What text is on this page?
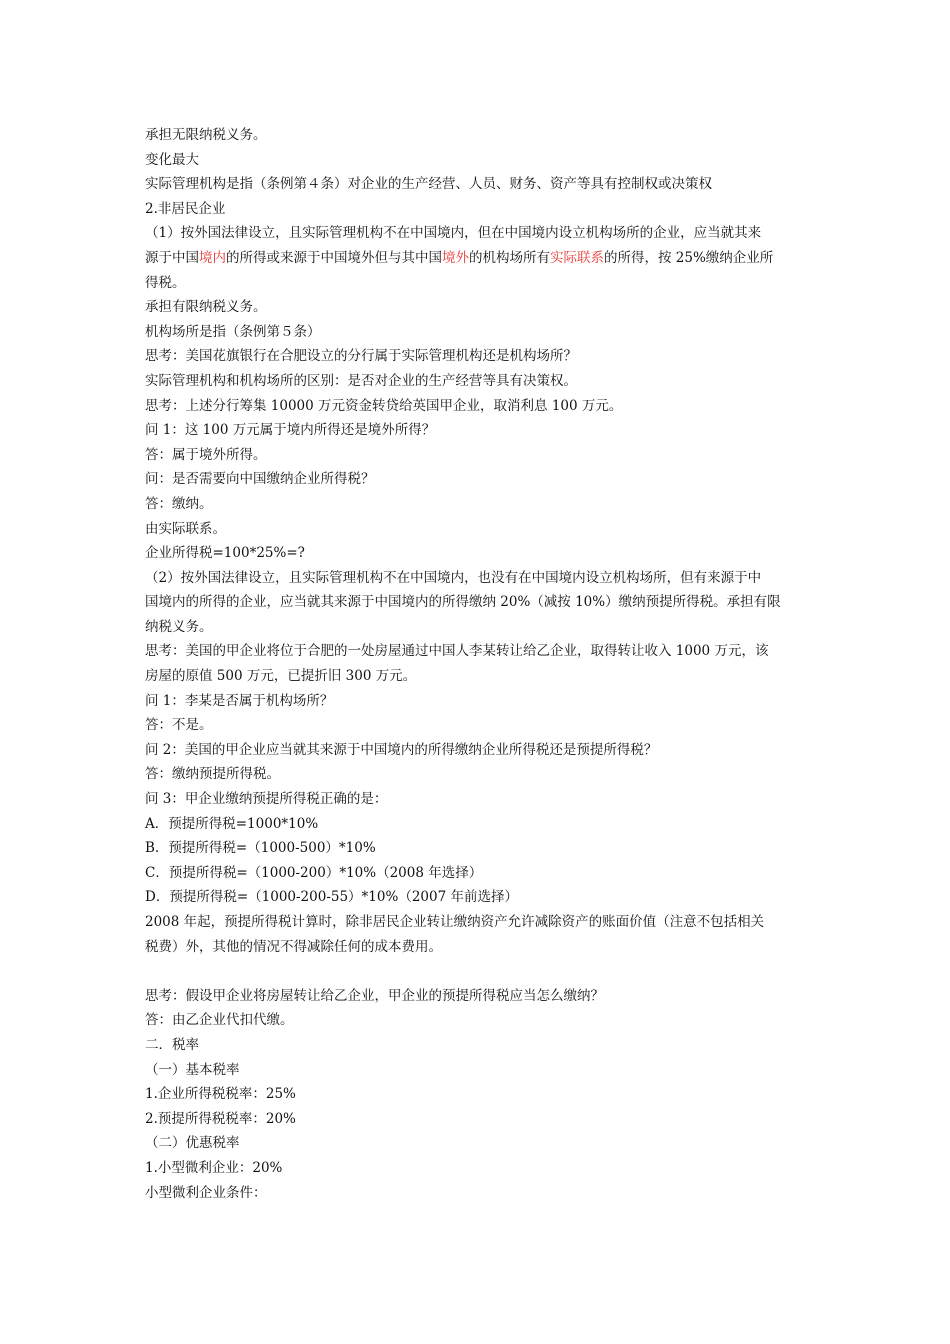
承担无限纳税义务。

变化最大

实际管理机构是指（条例第４条）对企业的生产经营、人员、财务、资产等具有控制权或决策权

2.非居民企业

（1）按外国法律设立，且实际管理机构不在中国境内，但在中国境内设立机构场所的企业，应当就其来

源于中国境内的所得或来源于中国境外但与其中国境外的机构场所有实际联系的所得，按 25%缴纳企业所

得税。

承担有限纳税义务。

机构场所是指（条例第５条）

思考：美国花旗银行在合肥设立的分行属于实际管理机构还是机构场所？

实际管理机构和机构场所的区别：是否对企业的生产经营等具有决策权。

思考：上述分行筹集 10000 万元资金转贷给英国甲企业，取消利息 100 万元。

问 1：这 100 万元属于境内所得还是境外所得？

答：属于境外所得。

问：是否需要向中国缴纳企业所得税？

答：缴纳。

由实际联系。

企业所得税=100*25%=?

（2）按外国法律设立，且实际管理机构不在中国境内，也没有在中国境内设立机构场所，但有来源于中

国境内的所得的企业，应当就其来源于中国境内的所得缴纳 20%（减按 10%）缴纳预提所得税。承担有限

纳税义务。

思考：美国的甲企业将位于合肥的一处房屋通过中国人李某转让给乙企业，取得转让收入 1000 万元，该

房屋的原值 500 万元，已提折旧 300 万元。

问 1：李某是否属于机构场所？

答：不是。

问 2：美国的甲企业应当就其来源于中国境内的所得缴纳企业所得税还是预提所得税？

答：缴纳预提所得税。

问 3：甲企业缴纳预提所得税正确的是：

A．预提所得税=1000*10%

B．预提所得税=（1000-500）*10%

C．预提所得税=（1000-200）*10%（2008 年选择）

D．预提所得税=（1000-200-55）*10%（2007 年前选择）

2008 年起，预提所得税计算时，除非居民企业转让缴纳资产允许减除资产的账面价值（注意不包括相关

税费）外，其他的情况不得减除任何的成本费用。

思考：假设甲企业将房屋转让给乙企业，甲企业的预提所得税应当怎么缴纳？

答：由乙企业代扣代缴。

二．税率

（一）基本税率

1.企业所得税税率：25%

2.预提所得税税率：20%

（二）优惠税率

1.小型微利企业：20%

小型微利企业条件：
